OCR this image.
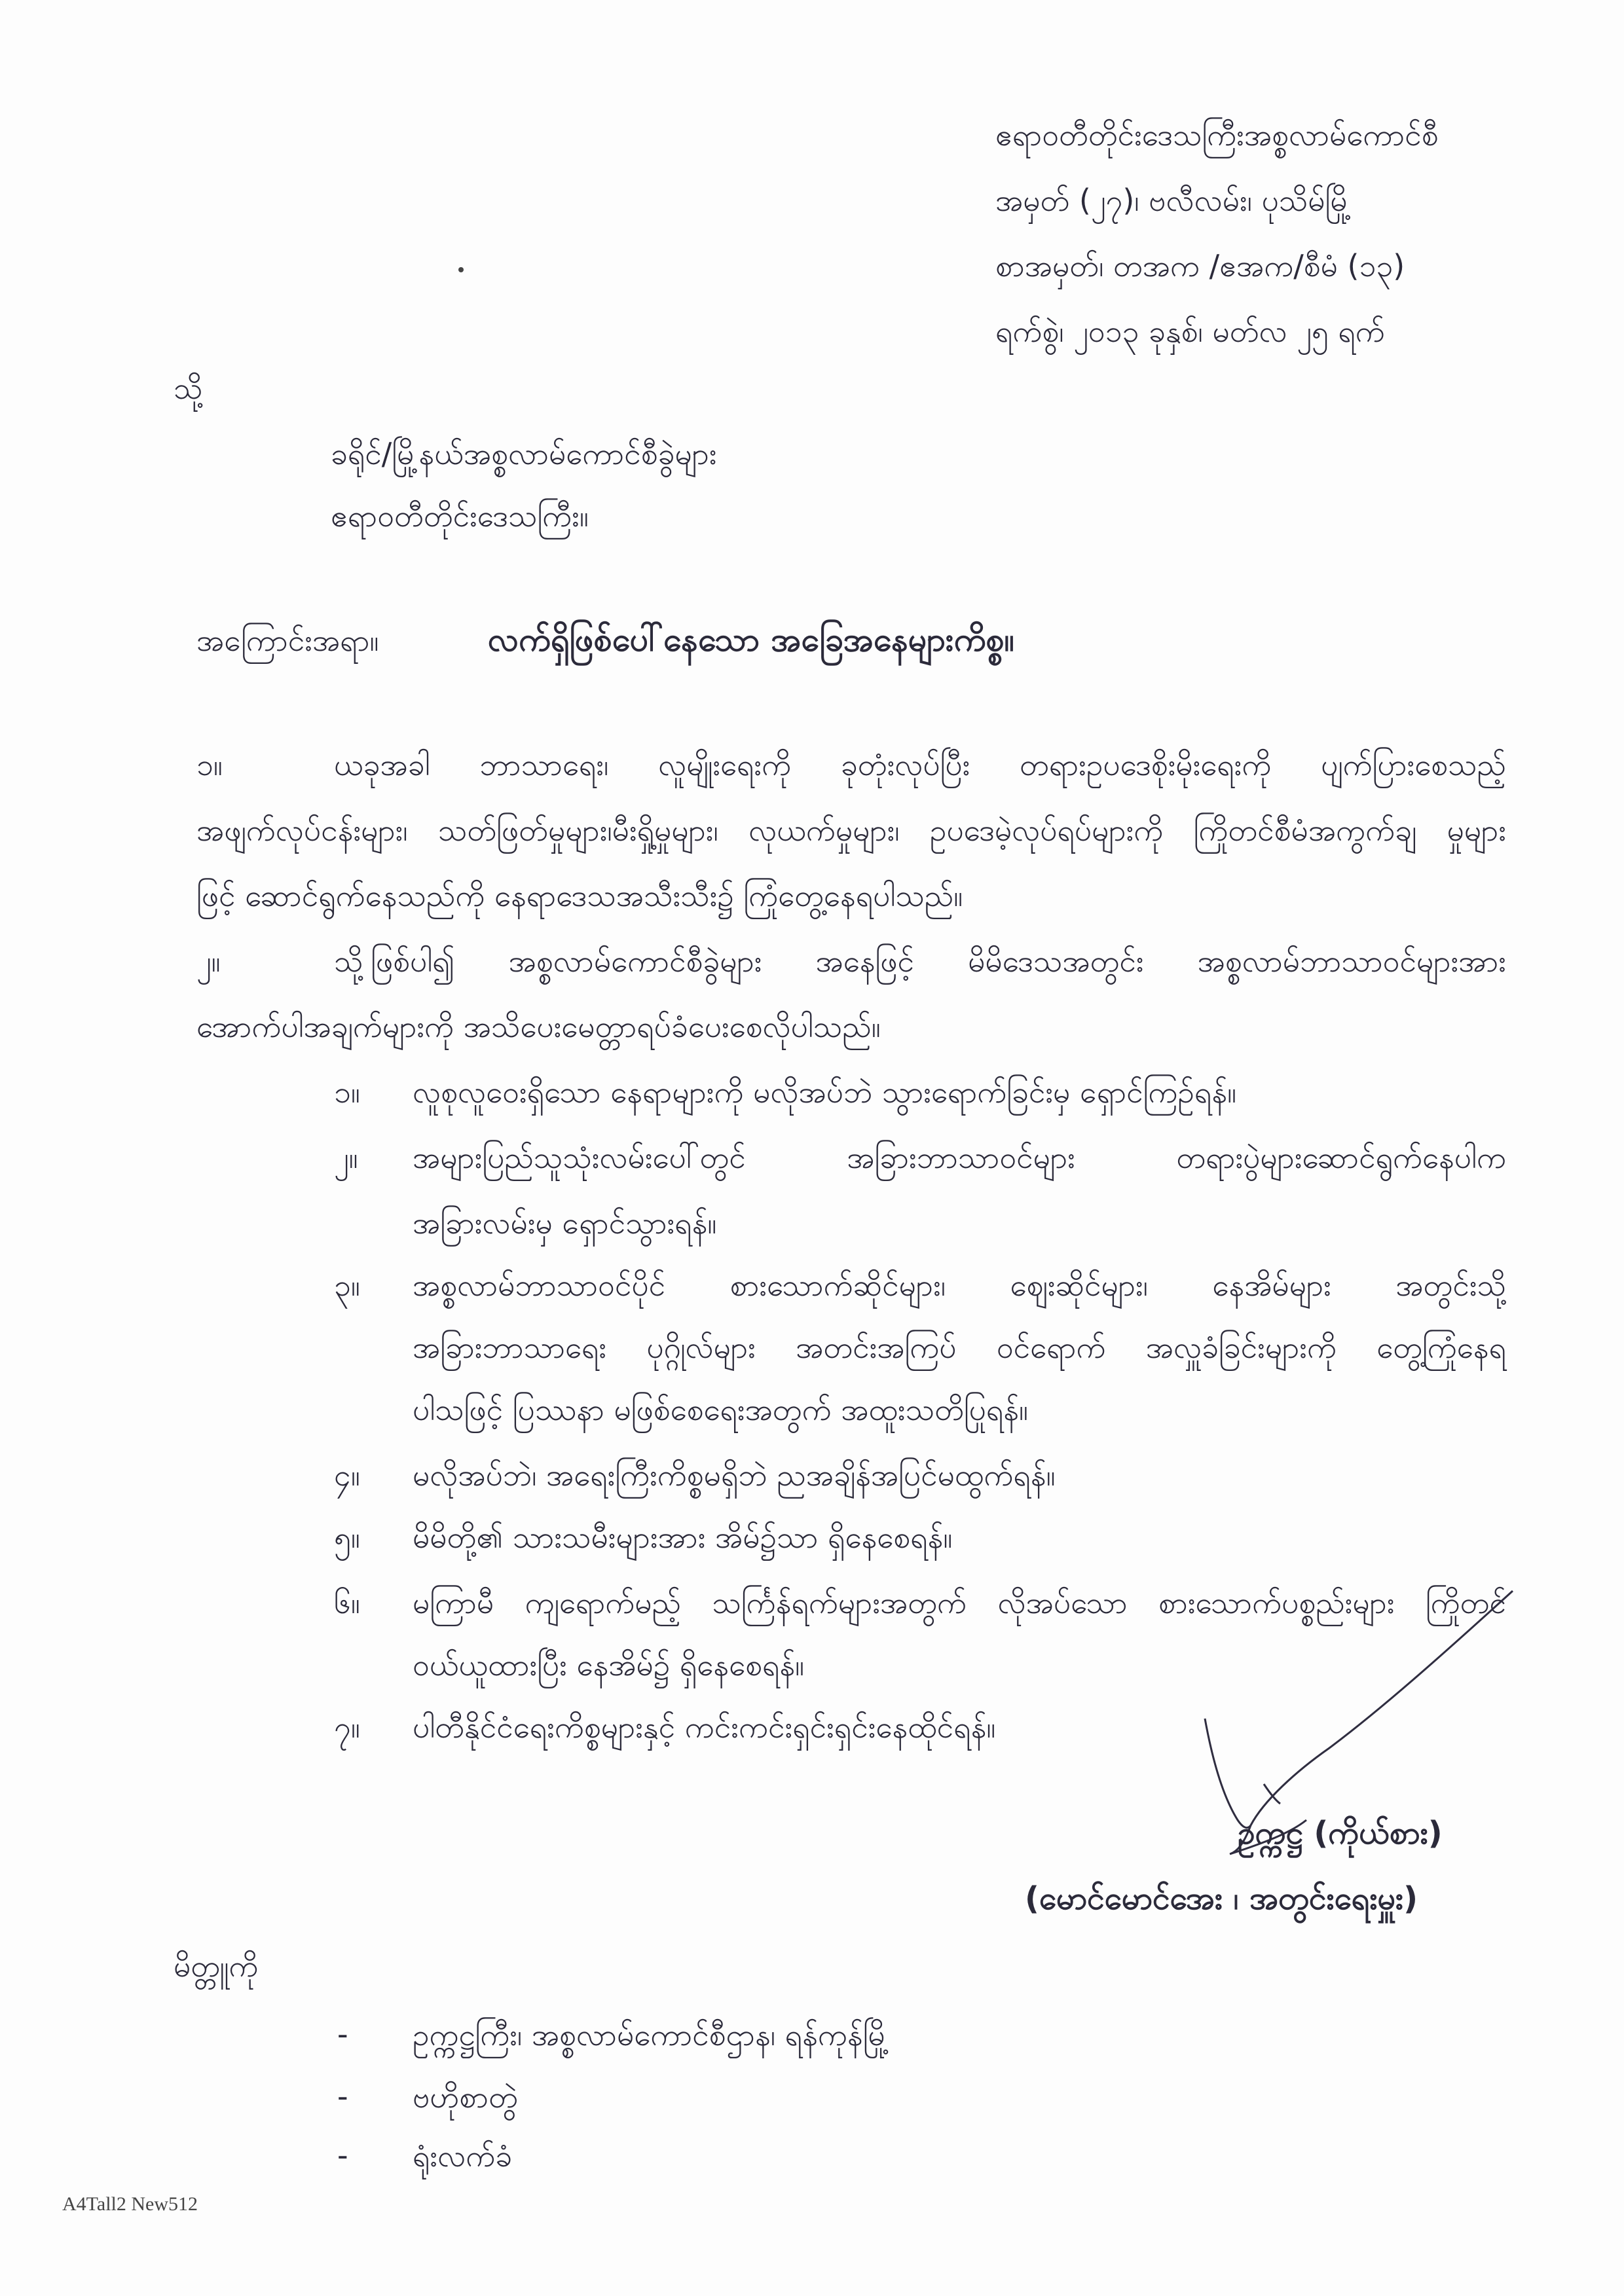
ဧရာဝတီတိုင်းဒေသကြီးအစ္စလာမ်ကောင်စီ
အမှတ် (၂၇)၊ ဗလီလမ်း၊ ပုသိမ်မြို့
စာအမှတ်၊ တအက /ဧအက/စီမံ (၁၃)
ရက်စွဲ၊ ၂၀၁၃ ခုနှစ်၊ မတ်လ ၂၅ ရက်
သို့
ခရိုင်/မြို့နယ်အစ္စလာမ်ကောင်စီခွဲများ
ဧရာဝတီတိုင်းဒေသကြီး။
အကြောင်းအရာ။	လက်ရှိဖြစ်ပေါ်နေသော အခြေအနေများကိစ္စ။
၁။	ယခုအခါ ဘာသာရေး၊ လူမျိုးရေးကို ခုတုံးလုပ်ပြီး တရားဥပဒေစိုးမိုးရေးကို ပျက်ပြားစေသည့်
အဖျက်လုပ်ငန်းများ၊ သတ်ဖြတ်မှုများ၊မီးရှို့မှုများ၊ လုယက်မှုများ၊ ဥပဒေမဲ့လုပ်ရပ်များကို ကြိုတင်စီမံအကွက်ချ မှုများ
ဖြင့် ဆောင်ရွက်နေသည်ကို နေရာဒေသအသီးသီး၌ ကြုံတွေ့နေရပါသည်။
၂။	သို့ဖြစ်ပါ၍ အစ္စလာမ်ကောင်စီခွဲများ အနေဖြင့် မိမိဒေသအတွင်း အစ္စလာမ်ဘာသာဝင်များအား
အောက်ပါအချက်များကို အသိပေးမေတ္တာရပ်ခံပေးစေလိုပါသည်။
၁။ လူစုလူဝေးရှိသော နေရာများကို မလိုအပ်ဘဲ သွားရောက်ခြင်းမှ ရှောင်ကြဉ်ရန်။
၂။ အများပြည်သူသုံးလမ်းပေါ်တွင် အခြားဘာသာဝင်များ တရားပွဲများဆောင်ရွက်နေပါက
အခြားလမ်းမှ ရှောင်သွားရန်။
၃။ အစ္စလာမ်ဘာသာဝင်ပိုင် စားသောက်ဆိုင်များ၊ ဈေးဆိုင်များ၊ နေအိမ်များ အတွင်းသို့
အခြားဘာသာရေး ပုဂ္ဂိုလ်များ အတင်းအကြပ် ဝင်ရောက် အလှူခံခြင်းများကို တွေ့ကြုံနေရ
ပါသဖြင့် ပြဿနာ မဖြစ်စေရေးအတွက် အထူးသတိပြုရန်။
၄။ မလိုအပ်ဘဲ၊ အရေးကြီးကိစ္စမရှိဘဲ ညအချိန်အပြင်မထွက်ရန်။
၅။ မိမိတို့၏ သားသမီးများအား အိမ်၌သာ ရှိနေစေရန်။
၆။ မကြာမီ ကျရောက်မည့် သင်္ကြန်ရက်များအတွက် လိုအပ်သော စားသောက်ပစ္စည်းများ ကြိုတင်
ဝယ်ယူထားပြီး နေအိမ်၌ ရှိနေစေရန်။
၇။ ပါတီနိုင်ငံရေးကိစ္စများနှင့် ကင်းကင်းရှင်းရှင်းနေထိုင်ရန်။
ဥက္ကဋ္ဌ (ကိုယ်စား)
(မောင်မောင်အေး ၊ အတွင်းရေးမှူး)
မိတ္တူကို
- ဥက္ကဋ္ဌကြီး၊ အစ္စလာမ်ကောင်စီဌာန၊ ရန်ကုန်မြို့
- ဗဟိုစာတွဲ
- ရုံးလက်ခံ
A4Tall2 New512
